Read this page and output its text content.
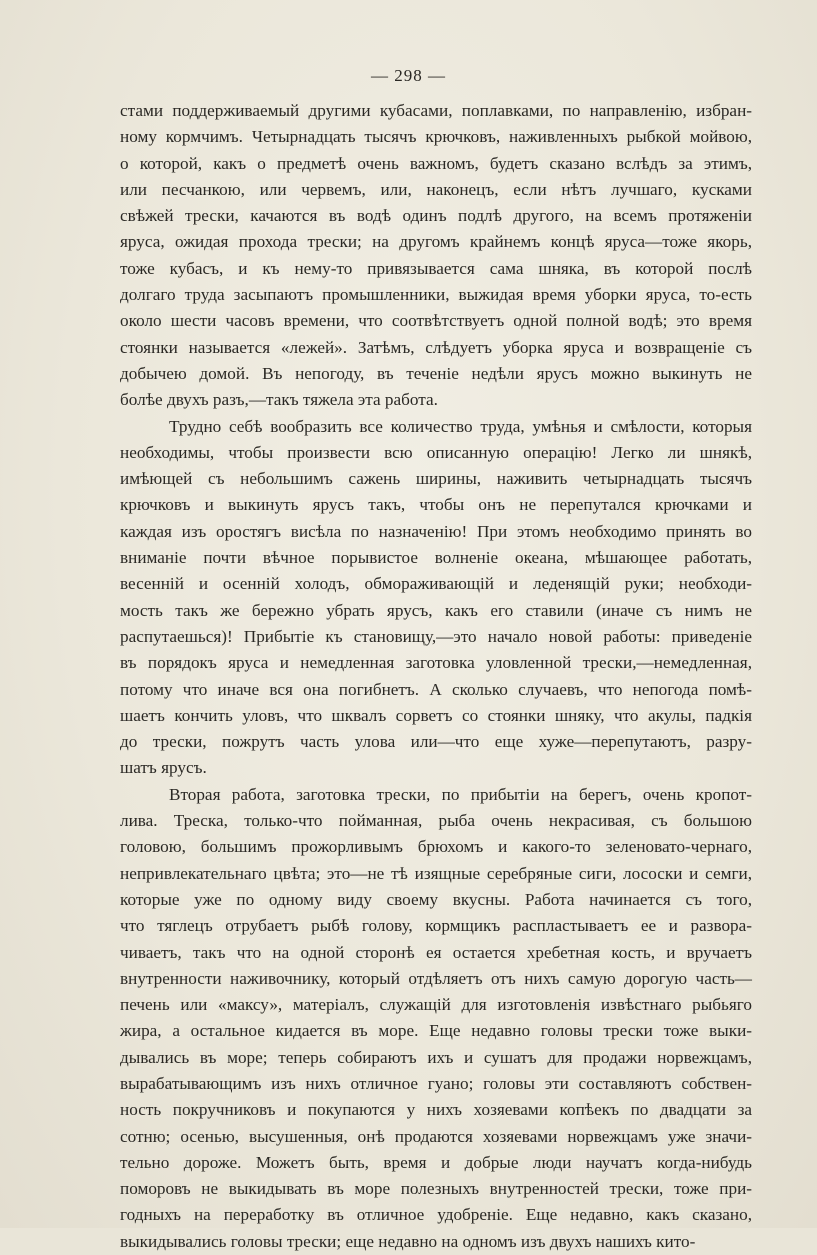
— 298 —
стами поддерживаемый другими кубасами, поплавками, по направленію, избран-
ному кормчимъ. Четырнадцать тысячъ крючковъ, наживленныхъ рыбкой мойвою,
о которой, какъ о предметѣ очень важномъ, будетъ сказано вслѣдъ за этимъ,
или песчанкою, или червемъ, или, наконецъ, если нѣтъ лучшаго, кусками
свѣжей трески, качаются въ водѣ одинъ подлѣ другого, на всемъ протяженіи
яруса, ожидая прохода трески; на другомъ крайнемъ концѣ яруса—тоже якорь,
тоже кубасъ, и къ нему-то привязывается сама шняка, въ которой послѣ
долгаго труда засыпаютъ промышленники, выжидая время уборки яруса, то-есть
около шести часовъ времени, что соотвѣтствуетъ одной полной водѣ; это время
стоянки называется «лежей». Затѣмъ, слѣдуетъ уборка яруса и возвращеніе съ
добычею домой. Въ непогоду, въ теченіе недѣли ярусъ можно выкинуть не
болѣе двухъ разъ,—такъ тяжела эта работа.
Трудно себѣ вообразить все количество труда, умѣнья и смѣлости, которыя
необходимы, чтобы произвести всю описанную операцію! Легко ли шнякѣ,
имѣющей съ небольшимъ сажень ширины, наживить четырнадцать тысячъ
крючковъ и выкинуть ярусъ такъ, чтобы онъ не перепутался крючками и
каждая изъ оростягъ висѣла по назначенію! При этомъ необходимо принять во
вниманіе почти вѣчное порывистое волненіе океана, мѣшающее работать,
весенній и осенній холодъ, обмораживающій и леденящій руки; необходи-
мость такъ же бережно убрать ярусъ, какъ его ставили (иначе съ нимъ не
распутаешься)! Прибытіе къ становищу,—это начало новой работы: приведеніе
въ порядокъ яруса и немедленная заготовка уловленной трески,—немедленная,
потому что иначе вся она погибнетъ. А сколько случаевъ, что непогода помѣ-
шаетъ кончить уловъ, что шквалъ сорветъ со стоянки шняку, что акулы, падкія
до трески, пожрутъ часть улова или—что еще хуже—перепутаютъ, разру-
шатъ ярусъ.
Вторая работа, заготовка трески, по прибытіи на берегъ, очень кропот-
лива. Треска, только-что пойманная, рыба очень некрасивая, съ большою
головою, большимъ прожорливымъ брюхомъ и какого-то зеленовато-чернаго,
непривлекательнаго цвѣта; это—не тѣ изящные серебряные сиги, лососки и семги,
которые уже по одному виду своему вкусны. Работа начинается съ того,
что тяглецъ отрубаетъ рыбѣ голову, кормщикъ распластываетъ ее и развора-
чиваетъ, такъ что на одной сторонѣ ея остается хребетная кость, и вручаетъ
внутренности наживочнику, который отдѣляетъ отъ нихъ самую дорогую часть—
печень или «максу», матеріалъ, служащій для изготовленія извѣстнаго рыбьяго
жира, а остальное кидается въ море. Еще недавно головы трески тоже выки-
дывались въ море; теперь собираютъ ихъ и сушатъ для продажи норвежцамъ,
вырабатывающимъ изъ нихъ отличное гуано; головы эти составляютъ собствен-
ность покручниковъ и покупаются у нихъ хозяевами копѣекъ по двадцати за
сотню; осенью, высушенныя, онѣ продаются хозяевами норвежцамъ уже значи-
тельно дороже. Можетъ быть, время и добрые люди научатъ когда-нибудь
поморовъ не выкидывать въ море полезныхъ внутренностей трески, тоже при-
годныхъ на переработку въ отличное удобреніе. Еще недавно, какъ сказано,
выкидывались головы трески; еще недавно на одномъ изъ двухъ нашихъ кито-
